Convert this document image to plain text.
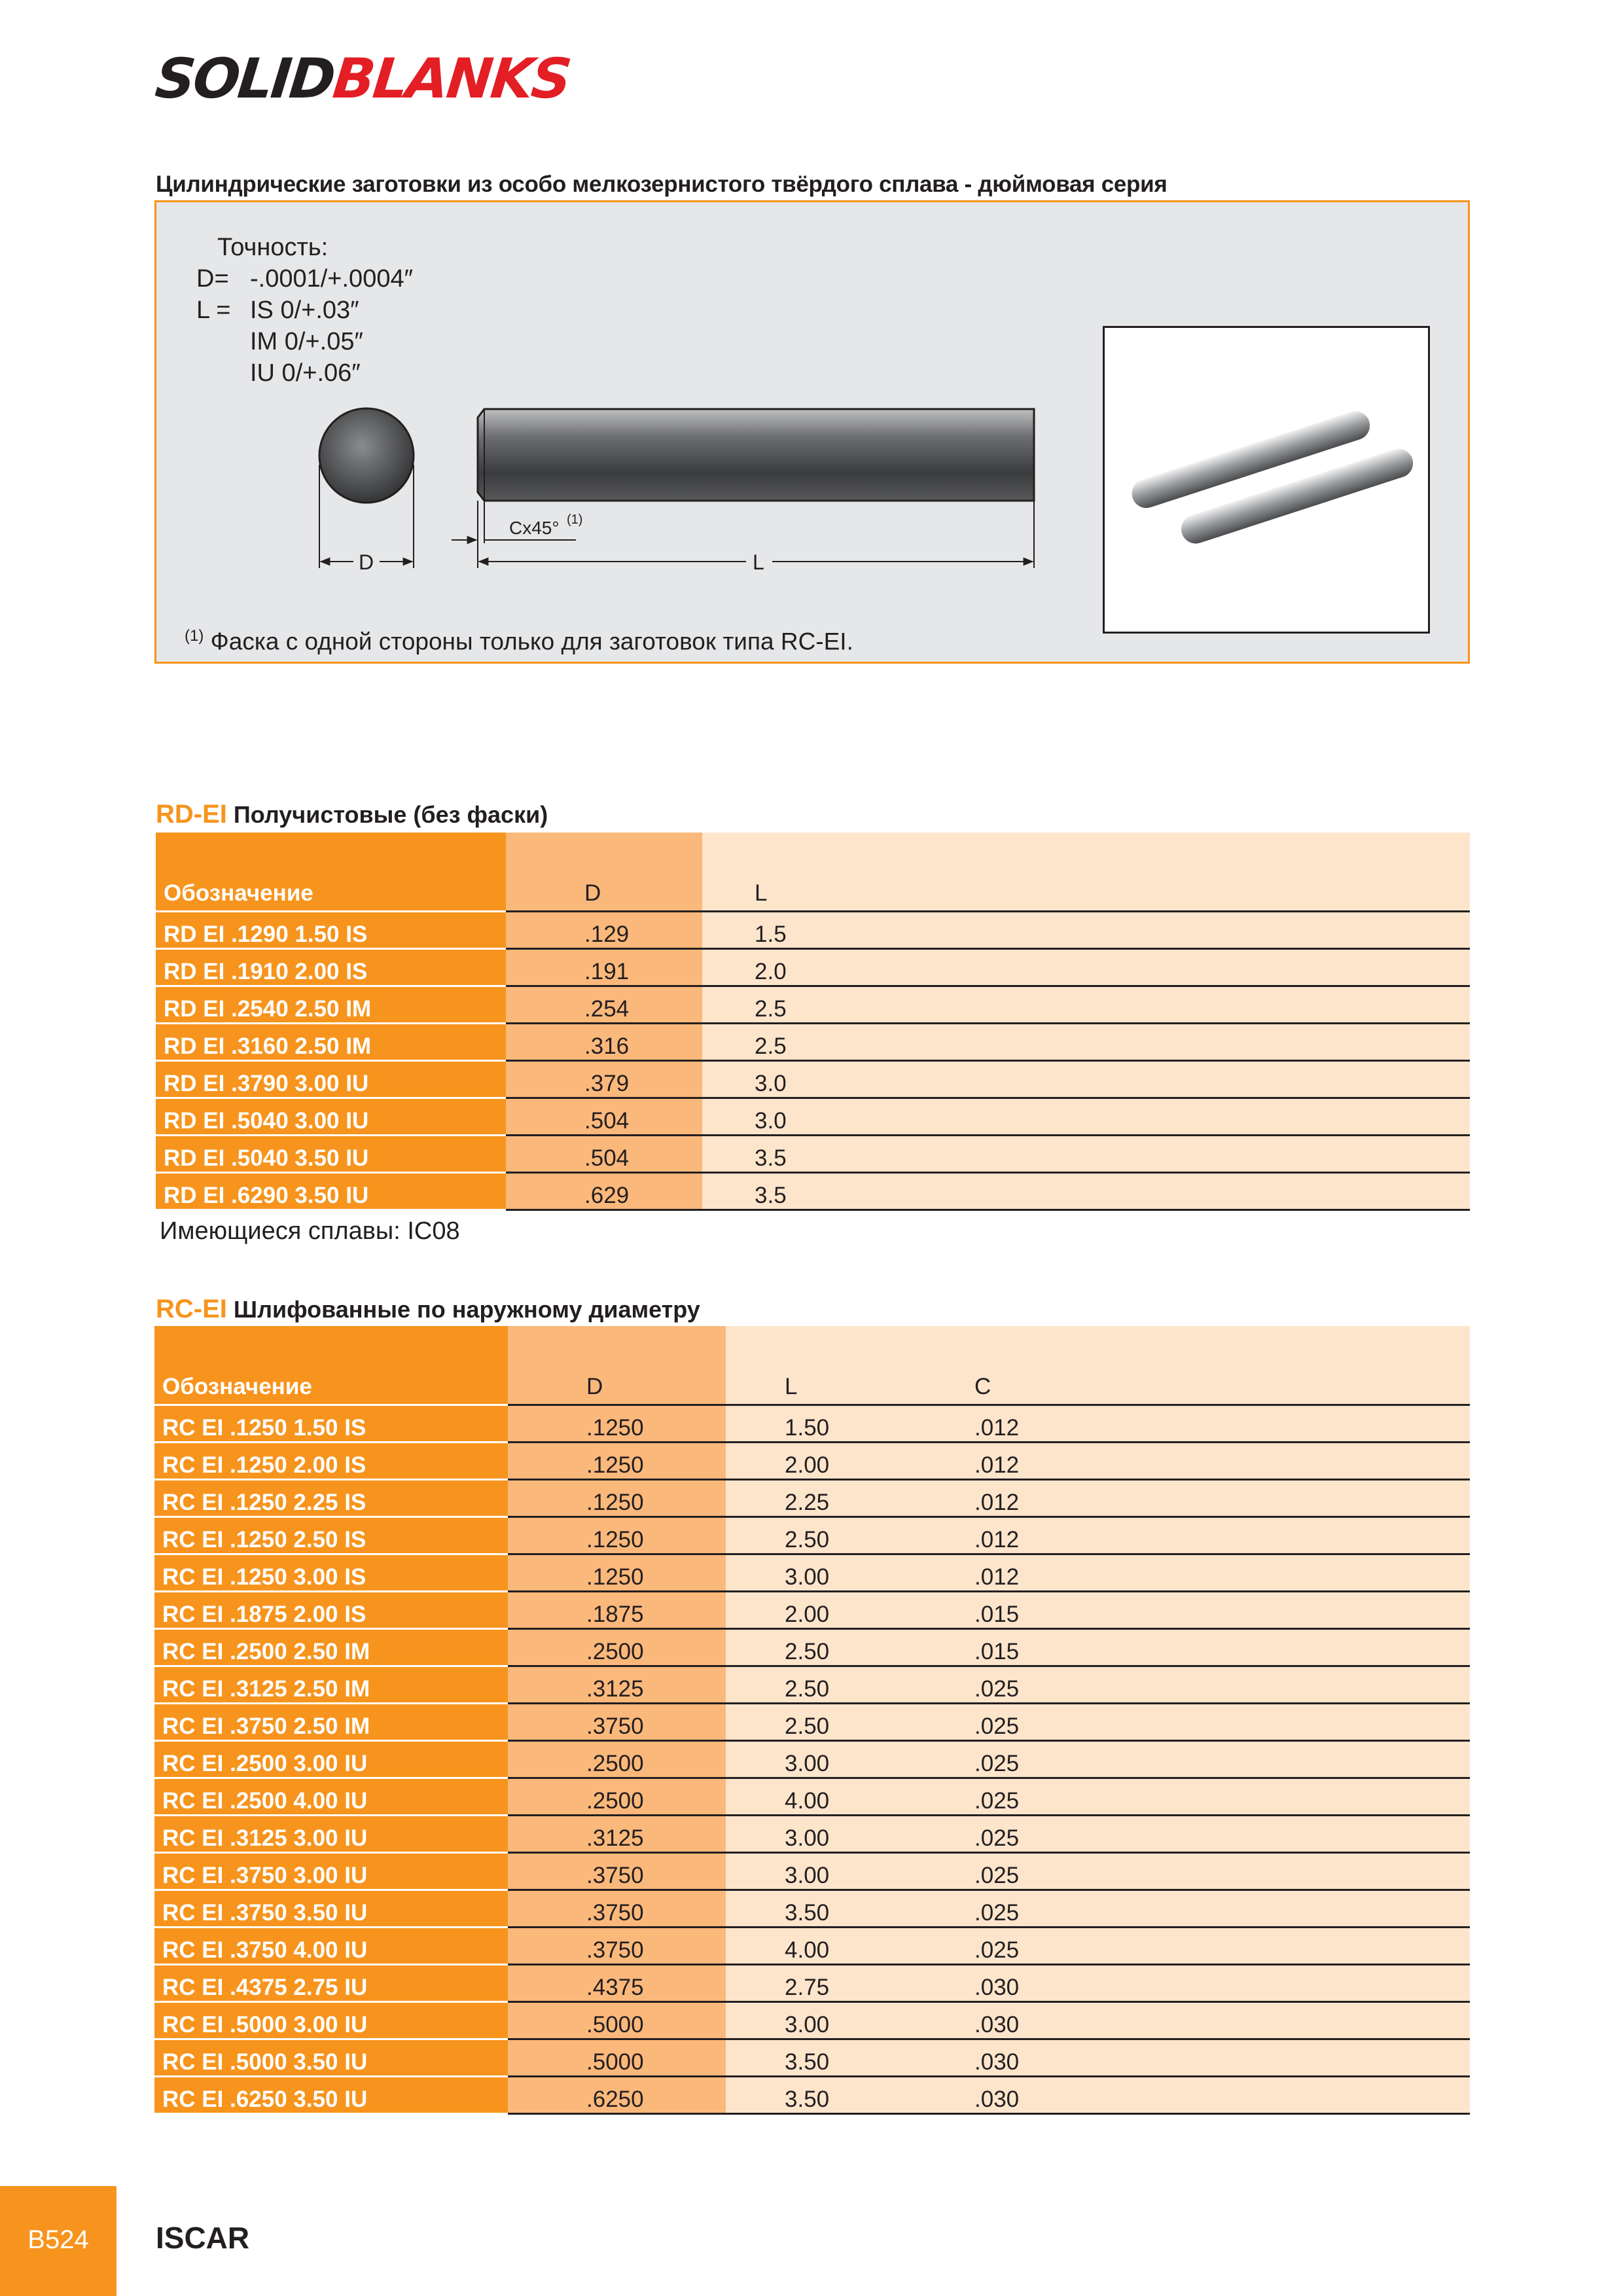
SOLIDBLANKS
Цилиндрические заготовки из особо мелкозернистого твёрдого сплава - дюймовая серия
Точность:
D= -.0001/+.0004″
L = IS 0/+.03″
IM 0/+.05″
IU 0/+.06″
D	L
Cx45° (1)
$^{(1)}$ Фаска с одной стороны только для заготовок типа RC-EI.
RD-EI Получистовые (без фаски)
Обозначение	D	L
RD EI .1290 1.50 IS	.129	1.5
RD EI .1910 2.00 IS	.191	2.0
RD EI .2540 2.50 IM	.254	2.5
RD EI .3160 2.50 IM	.316	2.5
RD EI .3790 3.00 IU	.379	3.0
RD EI .5040 3.00 IU	.504	3.0
RD EI .5040 3.50 IU	.504	3.5
RD EI .6290 3.50 IU	.629	3.5
Имеющиеся сплавы: IC08
RC-EI Шлифованные по наружному диаметру
Обозначение	D	L	C
RC EI .1250 1.50 IS	.1250	1.50	.012
RC EI .1250 2.00 IS	.1250	2.00	.012
RC EI .1250 2.25 IS	.1250	2.25	.012
RC EI .1250 2.50 IS	.1250	2.50	.012
RC EI .1250 3.00 IS	.1250	3.00	.012
RC EI .1875 2.00 IS	.1875	2.00	.015
RC EI .2500 2.50 IM	.2500	2.50	.015
RC EI .3125 2.50 IM	.3125	2.50	.025
RC EI .3750 2.50 IM	.3750	2.50	.025
RC EI .2500 3.00 IU	.2500	3.00	.025
RC EI .2500 4.00 IU	.2500	4.00	.025
RC EI .3125 3.00 IU	.3125	3.00	.025
RC EI .3750 3.00 IU	.3750	3.00	.025
RC EI .3750 3.50 IU	.3750	3.50	.025
RC EI .3750 4.00 IU	.3750	4.00	.025
RC EI .4375 2.75 IU	.4375	2.75	.030
RC EI .5000 3.00 IU	.5000	3.00	.030
RC EI .5000 3.50 IU	.5000	3.50	.030
RC EI .6250 3.50 IU	.6250	3.50	.030
B524	ISCAR
